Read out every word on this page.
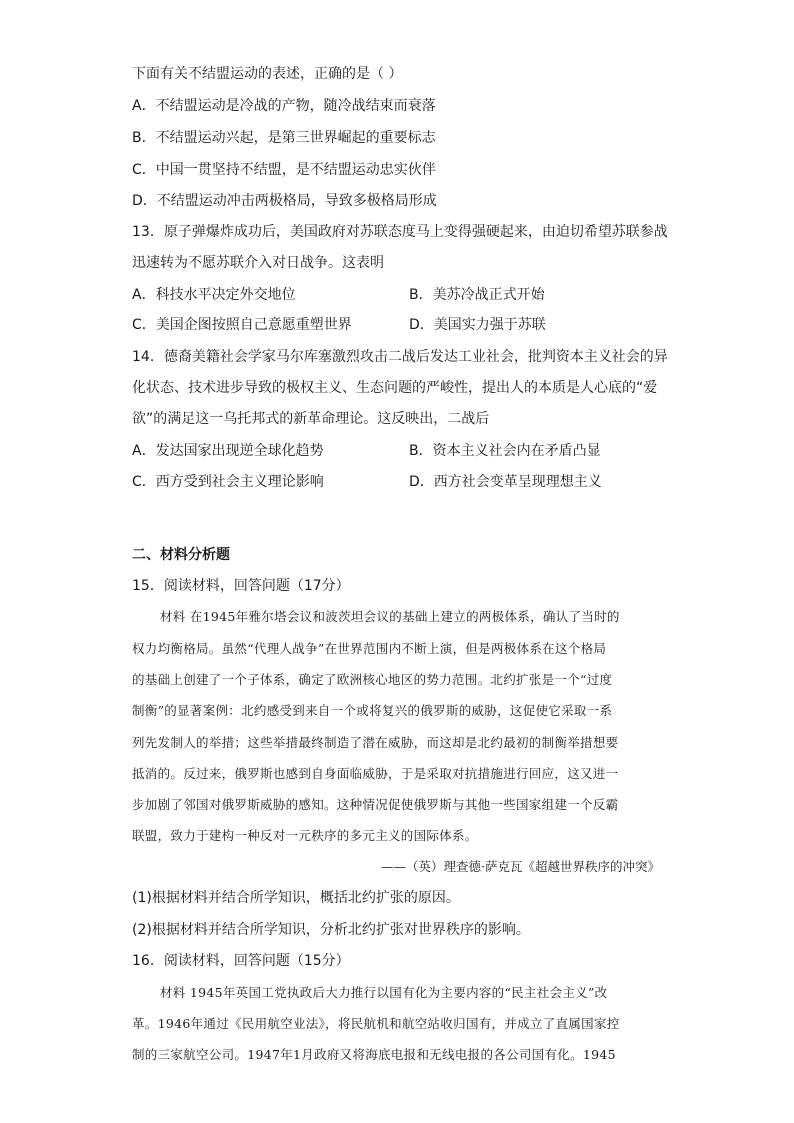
下面有关不结盟运动的表述，正确的是（ ）
A．不结盟运动是冷战的产物，随冷战结束而衰落
B．不结盟运动兴起，是第三世界崛起的重要标志
C．中国一贯坚持不结盟，是不结盟运动忠实伙伴
D．不结盟运动冲击两极格局，导致多极格局形成
13．原子弹爆炸成功后，美国政府对苏联态度马上变得强硬起来，由迫切希望苏联参战
迅速转为不愿苏联介入对日战争。这表明
A．科技水平决定外交地位	B．美苏冷战正式开始
C．美国企图按照自己意愿重塑世界	D．美国实力强于苏联
14．德裔美籍社会学家马尔库塞激烈攻击二战后发达工业社会，批判资本主义社会的异
化状态、技术进步导致的极权主义、生态问题的严峻性，提出人的本质是人心底的“爱
欲”的满足这一乌托邦式的新革命理论。这反映出，二战后
A．发达国家出现逆全球化趋势	B．资本主义社会内在矛盾凸显
C．西方受到社会主义理论影响	D．西方社会变革呈现理想主义
二、材料分析题
15．阅读材料，回答问题（17分）
材料 在1945年雅尔塔会议和波茨坦会议的基础上建立的两极体系，确认了当时的
权力均衡格局。虽然“代理人战争”在世界范围内不断上演，但是两极体系在这个格局
的基础上创建了一个子体系，确定了欧洲核心地区的势力范围。北约扩张是一个“过度
制衡”的显著案例：北约感受到来自一个或将复兴的俄罗斯的威胁，这促使它采取一系
列先发制人的举措；这些举措最终制造了潜在威胁，而这却是北约最初的制衡举措想要
抵消的。反过来，俄罗斯也感到自身面临威胁，于是采取对抗措施进行回应，这又进一
步加剧了邻国对俄罗斯威胁的感知。这种情况促使俄罗斯与其他一些国家组建一个反霸
联盟，致力于建构一种反对一元秩序的多元主义的国际体系。
——（英）理查德·萨克瓦《超越世界秩序的冲突》
(1)根据材料并结合所学知识，概括北约扩张的原因。
(2)根据材料并结合所学知识，分析北约扩张对世界秩序的影响。
16．阅读材料，回答问题（15分）
材料 1945年英国工党执政后大力推行以国有化为主要内容的“民主社会主义”改
革。1946年通过《民用航空业法》，将民航机和航空站收归国有，并成立了直属国家控
制的三家航空公司。1947年1月政府又将海底电报和无线电报的各公司国有化。1945
